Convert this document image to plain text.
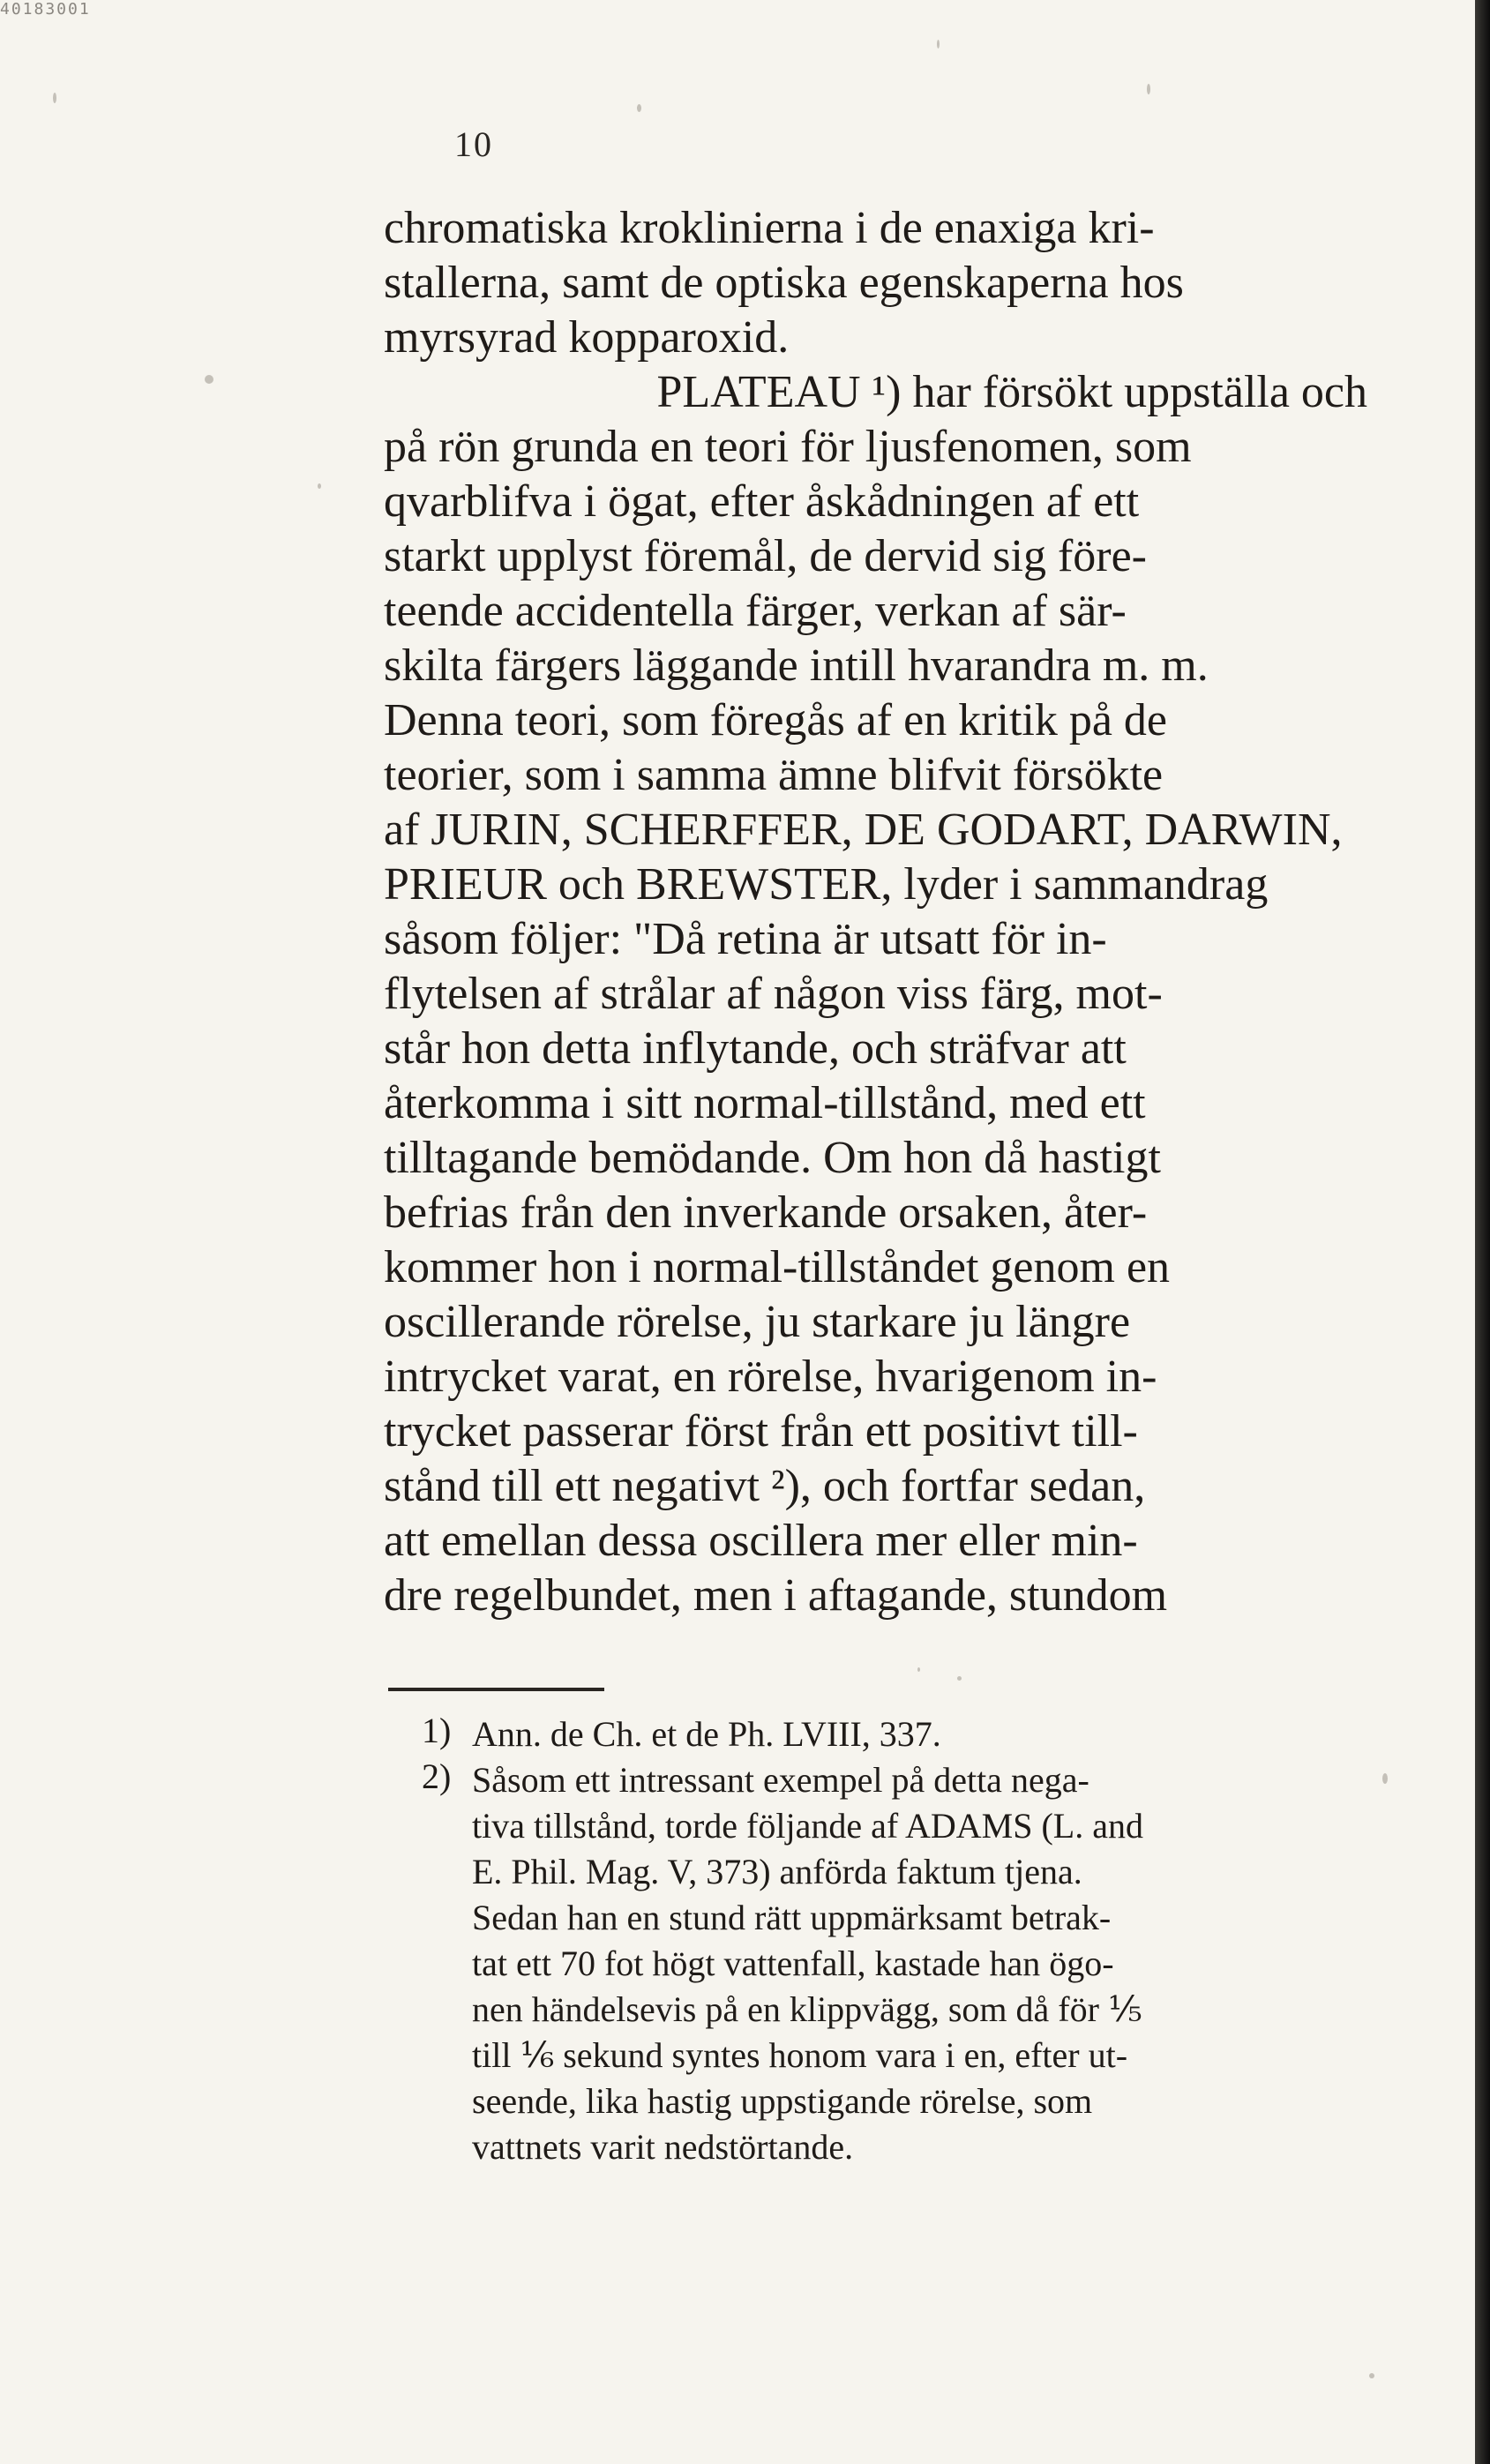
40183001
10
chromatiska kroklinierna i de enaxiga kri-
stallerna, samt de optiska egenskaperna hos
myrsyrad kopparoxid.
PLATEAU ¹) har försökt uppställa och
på rön grunda en teori för ljusfenomen, som
qvarblifva i ögat, efter åskådningen af ett
starkt upplyst föremål, de dervid sig före-
teende accidentella färger, verkan af sär-
skilta färgers läggande intill hvarandra m. m.
Denna teori, som föregås af en kritik på de
teorier, som i samma ämne blifvit försökte
af JURIN, SCHERFFER, DE GODART, DARWIN,
PRIEUR och BREWSTER, lyder i sammandrag
såsom följer: "Då retina är utsatt för in-
flytelsen af strålar af någon viss färg, mot-
står hon detta inflytande, och sträfvar att
återkomma i sitt normal-tillstånd, med ett
tilltagande bemödande. Om hon då hastigt
befrias från den inverkande orsaken, åter-
kommer hon i normal-tillståndet genom en
oscillerande rörelse, ju starkare ju längre
intrycket varat, en rörelse, hvarigenom in-
trycket passerar först från ett positivt till-
stånd till ett negativt ²), och fortfar sedan,
att emellan dessa oscillera mer eller min-
dre regelbundet, men i aftagande, stundom
1) Ann. de Ch. et de Ph. LVIII, 337.
2) Såsom ett intressant exempel på detta nega-
tiva tillstånd, torde följande af ADAMS (L. and
E. Phil. Mag. V, 373) anförda faktum tjena.
Sedan han en stund rätt uppmärksamt betrak-
tat ett 70 fot högt vattenfall, kastade han ögo-
nen händelsevis på en klippvägg, som då för ⅕
till ⅙ sekund syntes honom vara i en, efter ut-
seende, lika hastig uppstigande rörelse, som
vattnets varit nedstörtande.
